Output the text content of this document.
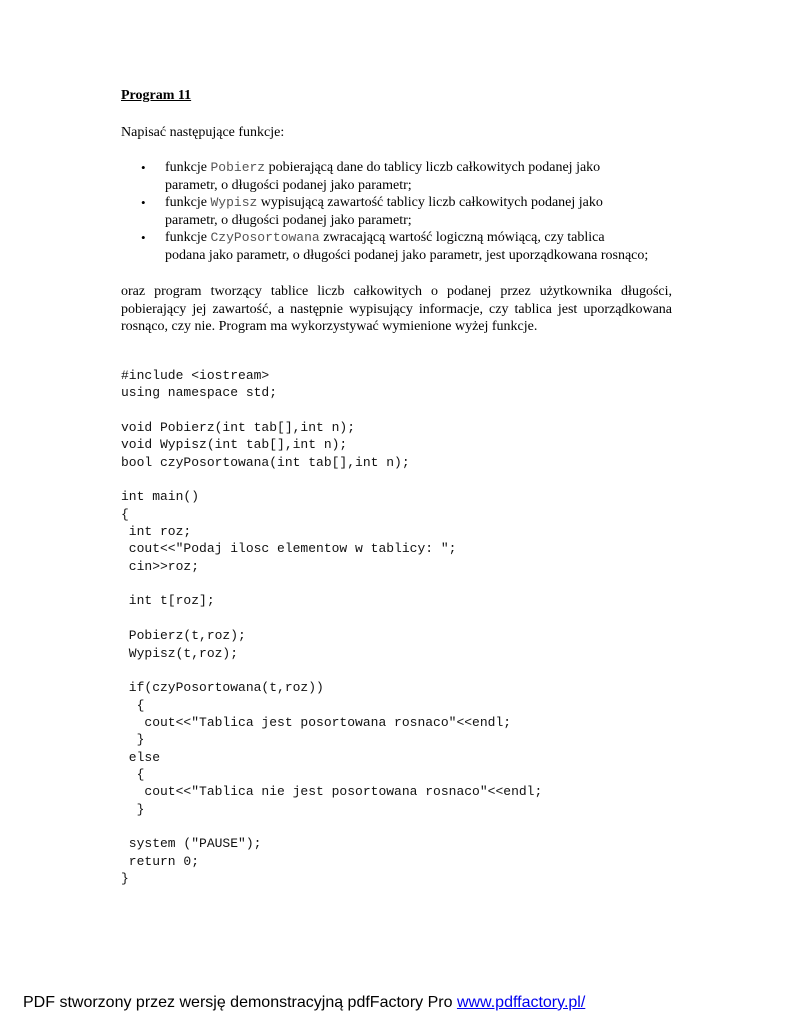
Program 11
Napisać następujące funkcje:
• funkcje Pobierz pobierającą dane do tablicy liczb całkowitych podanej jako
parametr, o długości podanej jako parametr;
• funkcje Wypisz wypisującą zawartość tablicy liczb całkowitych podanej jako
parametr, o długości podanej jako parametr;
• funkcje CzyPosortowana zwracającą wartość logiczną mówiącą, czy tablica
podana jako parametr, o długości podanej jako parametr, jest uporządkowana rosnąco;
oraz program tworzący tablice liczb całkowitych o podanej przez użytkownika długości,
pobierający jej zawartość, a następnie wypisujący informacje, czy tablica jest uporządkowana
rosnąco, czy nie. Program ma wykorzystywać wymienione wyżej funkcje.
#include <iostream>
using namespace std;
void Pobierz(int tab[],int n);
void Wypisz(int tab[],int n);
bool czyPosortowana(int tab[],int n);
int main()
{
int roz;
cout<<"Podaj ilosc elementow w tablicy: ";
cin>>roz;
int t[roz];
Pobierz(t,roz);
Wypisz(t,roz);
if(czyPosortowana(t,roz))
{
cout<<"Tablica jest posortowana rosnaco"<<endl;
}
else
{
cout<<"Tablica nie jest posortowana rosnaco"<<endl;
}
system ("PAUSE");
return 0;
}
PDF stworzony przez wersję demonstracyjną pdfFactory Pro www.pdffactory.pl/
